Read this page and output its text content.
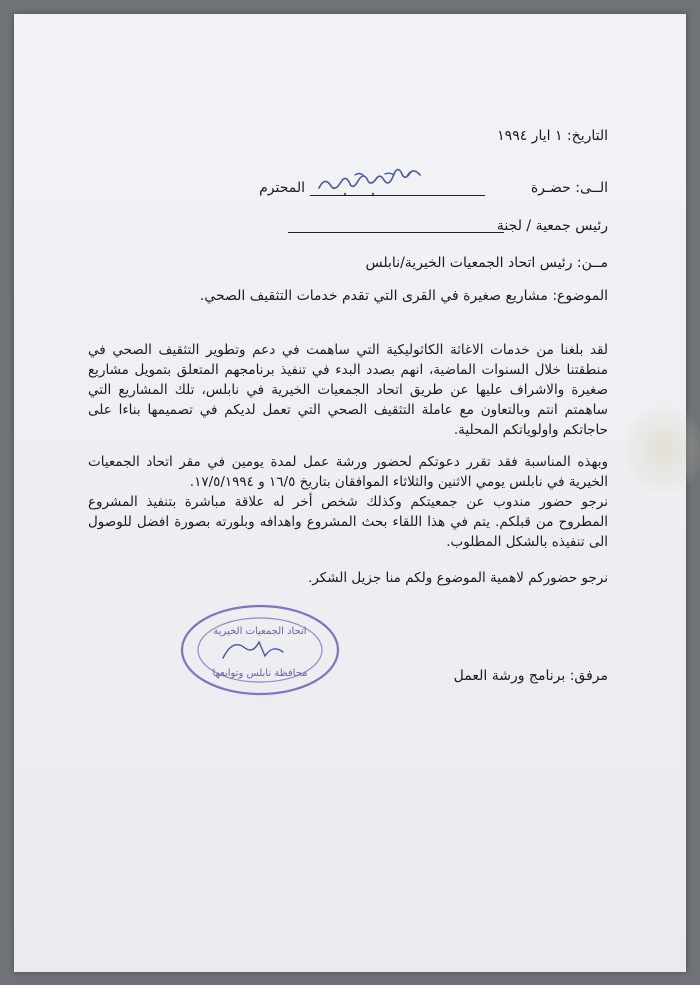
التاريخ: ١ ايار ١٩٩٤
الــى: حضـرة
المحترم
رئيس جمعية / لجنة
مــن: رئيس اتحاد الجمعيات الخيرية/نابلس
الموضوع: مشاريع صغيرة في القرى التي تقدم خدمات التثقيف الصحي.
لقد بلغنا من خدمات الاغاثة الكاثوليكية التي ساهمت في دعم وتطوير التثقيف الصحي في منطقتنا خلال السنوات الماضية، انهم بصدد البدء في تنفيذ برنامجهم المتعلق بتمويل مشاريع صغيرة والاشراف عليها عن طريق اتحاد الجمعيات الخيرية في نابلس، تلك المشاريع التي ساهمتم انتم وبالتعاون مع عاملة التثقيف الصحي التي تعمل لديكم في تصميمها بناءا على حاجاتكم واولوياتكم المحلية.
وبهذه المناسبة فقد تقرر دعوتكم لحضور ورشة عمل لمدة يومين في مقر اتحاد الجمعيات الخيرية في نابلس يومي الاثنين والثلاثاء الموافقان بتاريخ ١٦/٥ و ١٧/٥/١٩٩٤.
نرجو حضور مندوب عن جمعيتكم وكذلك شخص أخر له علاقة مباشرة بتنفيذ المشروع المطروح من قبلكم. يتم في هذا اللقاء بحث المشروع واهدافه وبلورته بصورة افضل للوصول الى تنفيذه بالشكل المطلوب.
نرجو حضوركم لاهمية الموضوع ولكم منا جزيل الشكر.
اتحاد الجمعيات الخيرية
محافظة نابلس وتوابعها	مرفق: برنامج ورشة العمل
